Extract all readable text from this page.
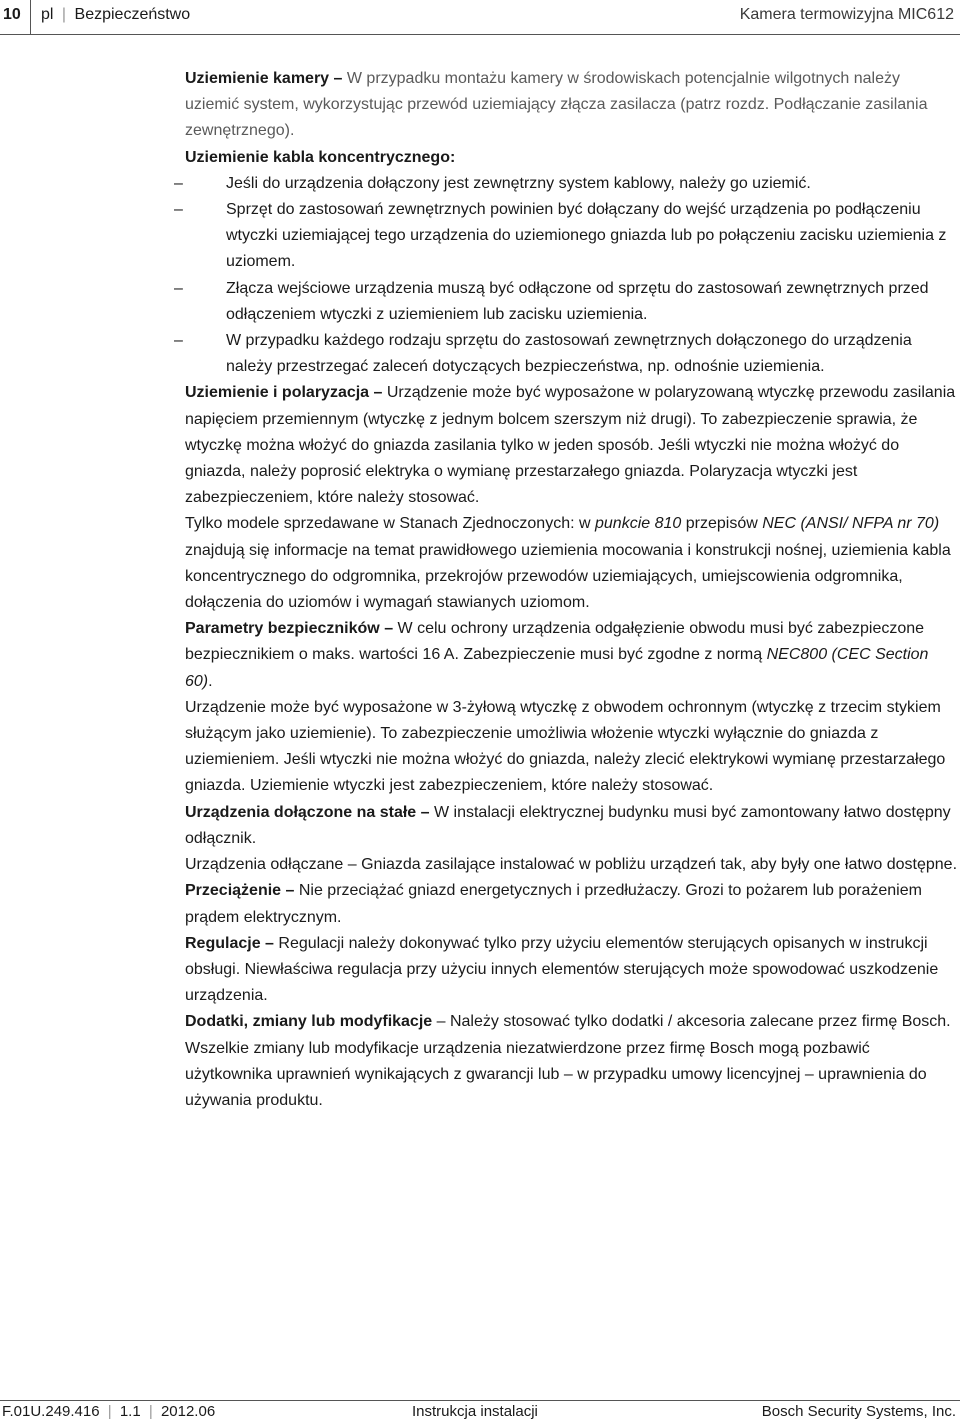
10	pl | Bezpieczeństwo	Kamera termowizyjna MIC612

Uziemienie kamery – W przypadku montażu kamery w środowiskach potencjalnie wilgotnych należy uziemić system, wykorzystując przewód uziemiający złącza zasilacza (patrz rozdz. Podłączanie zasilania zewnętrznego).

Uziemienie kabla koncentrycznego:

–	Jeśli do urządzenia dołączony jest zewnętrzny system kablowy, należy go uziemić.

–	Sprzęt do zastosowań zewnętrznych powinien być dołączany do wejść urządzenia po podłączeniu wtyczki uziemiającej tego urządzenia do uziemionego gniazda lub po połączeniu zacisku uziemienia z uziomem.

–	Złącza wejściowe urządzenia muszą być odłączone od sprzętu do zastosowań zewnętrznych przed odłączeniem wtyczki z uziemieniem lub zacisku uziemienia.

–	W przypadku każdego rodzaju sprzętu do zastosowań zewnętrznych dołączonego do urządzenia należy przestrzegać zaleceń dotyczących bezpieczeństwa, np. odnośnie uziemienia.

Uziemienie i polaryzacja – Urządzenie może być wyposażone w polaryzowaną wtyczkę przewodu zasilania napięciem przemiennym (wtyczkę z jednym bolcem szerszym niż drugi). To zabezpieczenie sprawia, że wtyczkę można włożyć do gniazda zasilania tylko w jeden sposób. Jeśli wtyczki nie można włożyć do gniazda, należy poprosić elektryka o wymianę przestarzałego gniazda. Polaryzacja wtyczki jest zabezpieczeniem, które należy stosować.

Tylko modele sprzedawane w Stanach Zjednoczonych: w punkcie 810 przepisów NEC (ANSI/ NFPA nr 70) znajdują się informacje na temat prawidłowego uziemienia mocowania i konstrukcji nośnej, uziemienia kabla koncentrycznego do odgromnika, przekrojów przewodów uziemiających, umiejscowienia odgromnika, dołączenia do uziomów i wymagań stawianych uziomom.

Parametry bezpieczników – W celu ochrony urządzenia odgałęzienie obwodu musi być zabezpieczone bezpiecznikiem o maks. wartości 16 A. Zabezpieczenie musi być zgodne z normą NEC800 (CEC Section 60).

Urządzenie może być wyposażone w 3-żyłową wtyczkę z obwodem ochronnym (wtyczkę z trzecim stykiem służącym jako uziemienie). To zabezpieczenie umożliwia włożenie wtyczki wyłącznie do gniazda z uziemieniem. Jeśli wtyczki nie można włożyć do gniazda, należy zlecić elektrykowi wymianę przestarzałego gniazda. Uziemienie wtyczki jest zabezpieczeniem, które należy stosować.

Urządzenia dołączone na stałe – W instalacji elektrycznej budynku musi być zamontowany łatwo dostępny odłącznik.

Urządzenia odłączane – Gniazda zasilające instalować w pobliżu urządzeń tak, aby były one łatwo dostępne.

Przeciążenie – Nie przeciążać gniazd energetycznych i przedłużaczy. Grozi to pożarem lub porażeniem prądem elektrycznym.

Regulacje – Regulacji należy dokonywać tylko przy użyciu elementów sterujących opisanych w instrukcji obsługi. Niewłaściwa regulacja przy użyciu innych elementów sterujących może spowodować uszkodzenie urządzenia.

Dodatki, zmiany lub modyfikacje – Należy stosować tylko dodatki / akcesoria zalecane przez firmę Bosch. Wszelkie zmiany lub modyfikacje urządzenia niezatwierdzone przez firmę Bosch mogą pozbawić użytkownika uprawnień wynikających z gwarancji lub – w przypadku umowy licencyjnej – uprawnienia do używania produktu.

F.01U.249.416 | 1.1 | 2012.06	Instrukcja instalacji	Bosch Security Systems, Inc.
